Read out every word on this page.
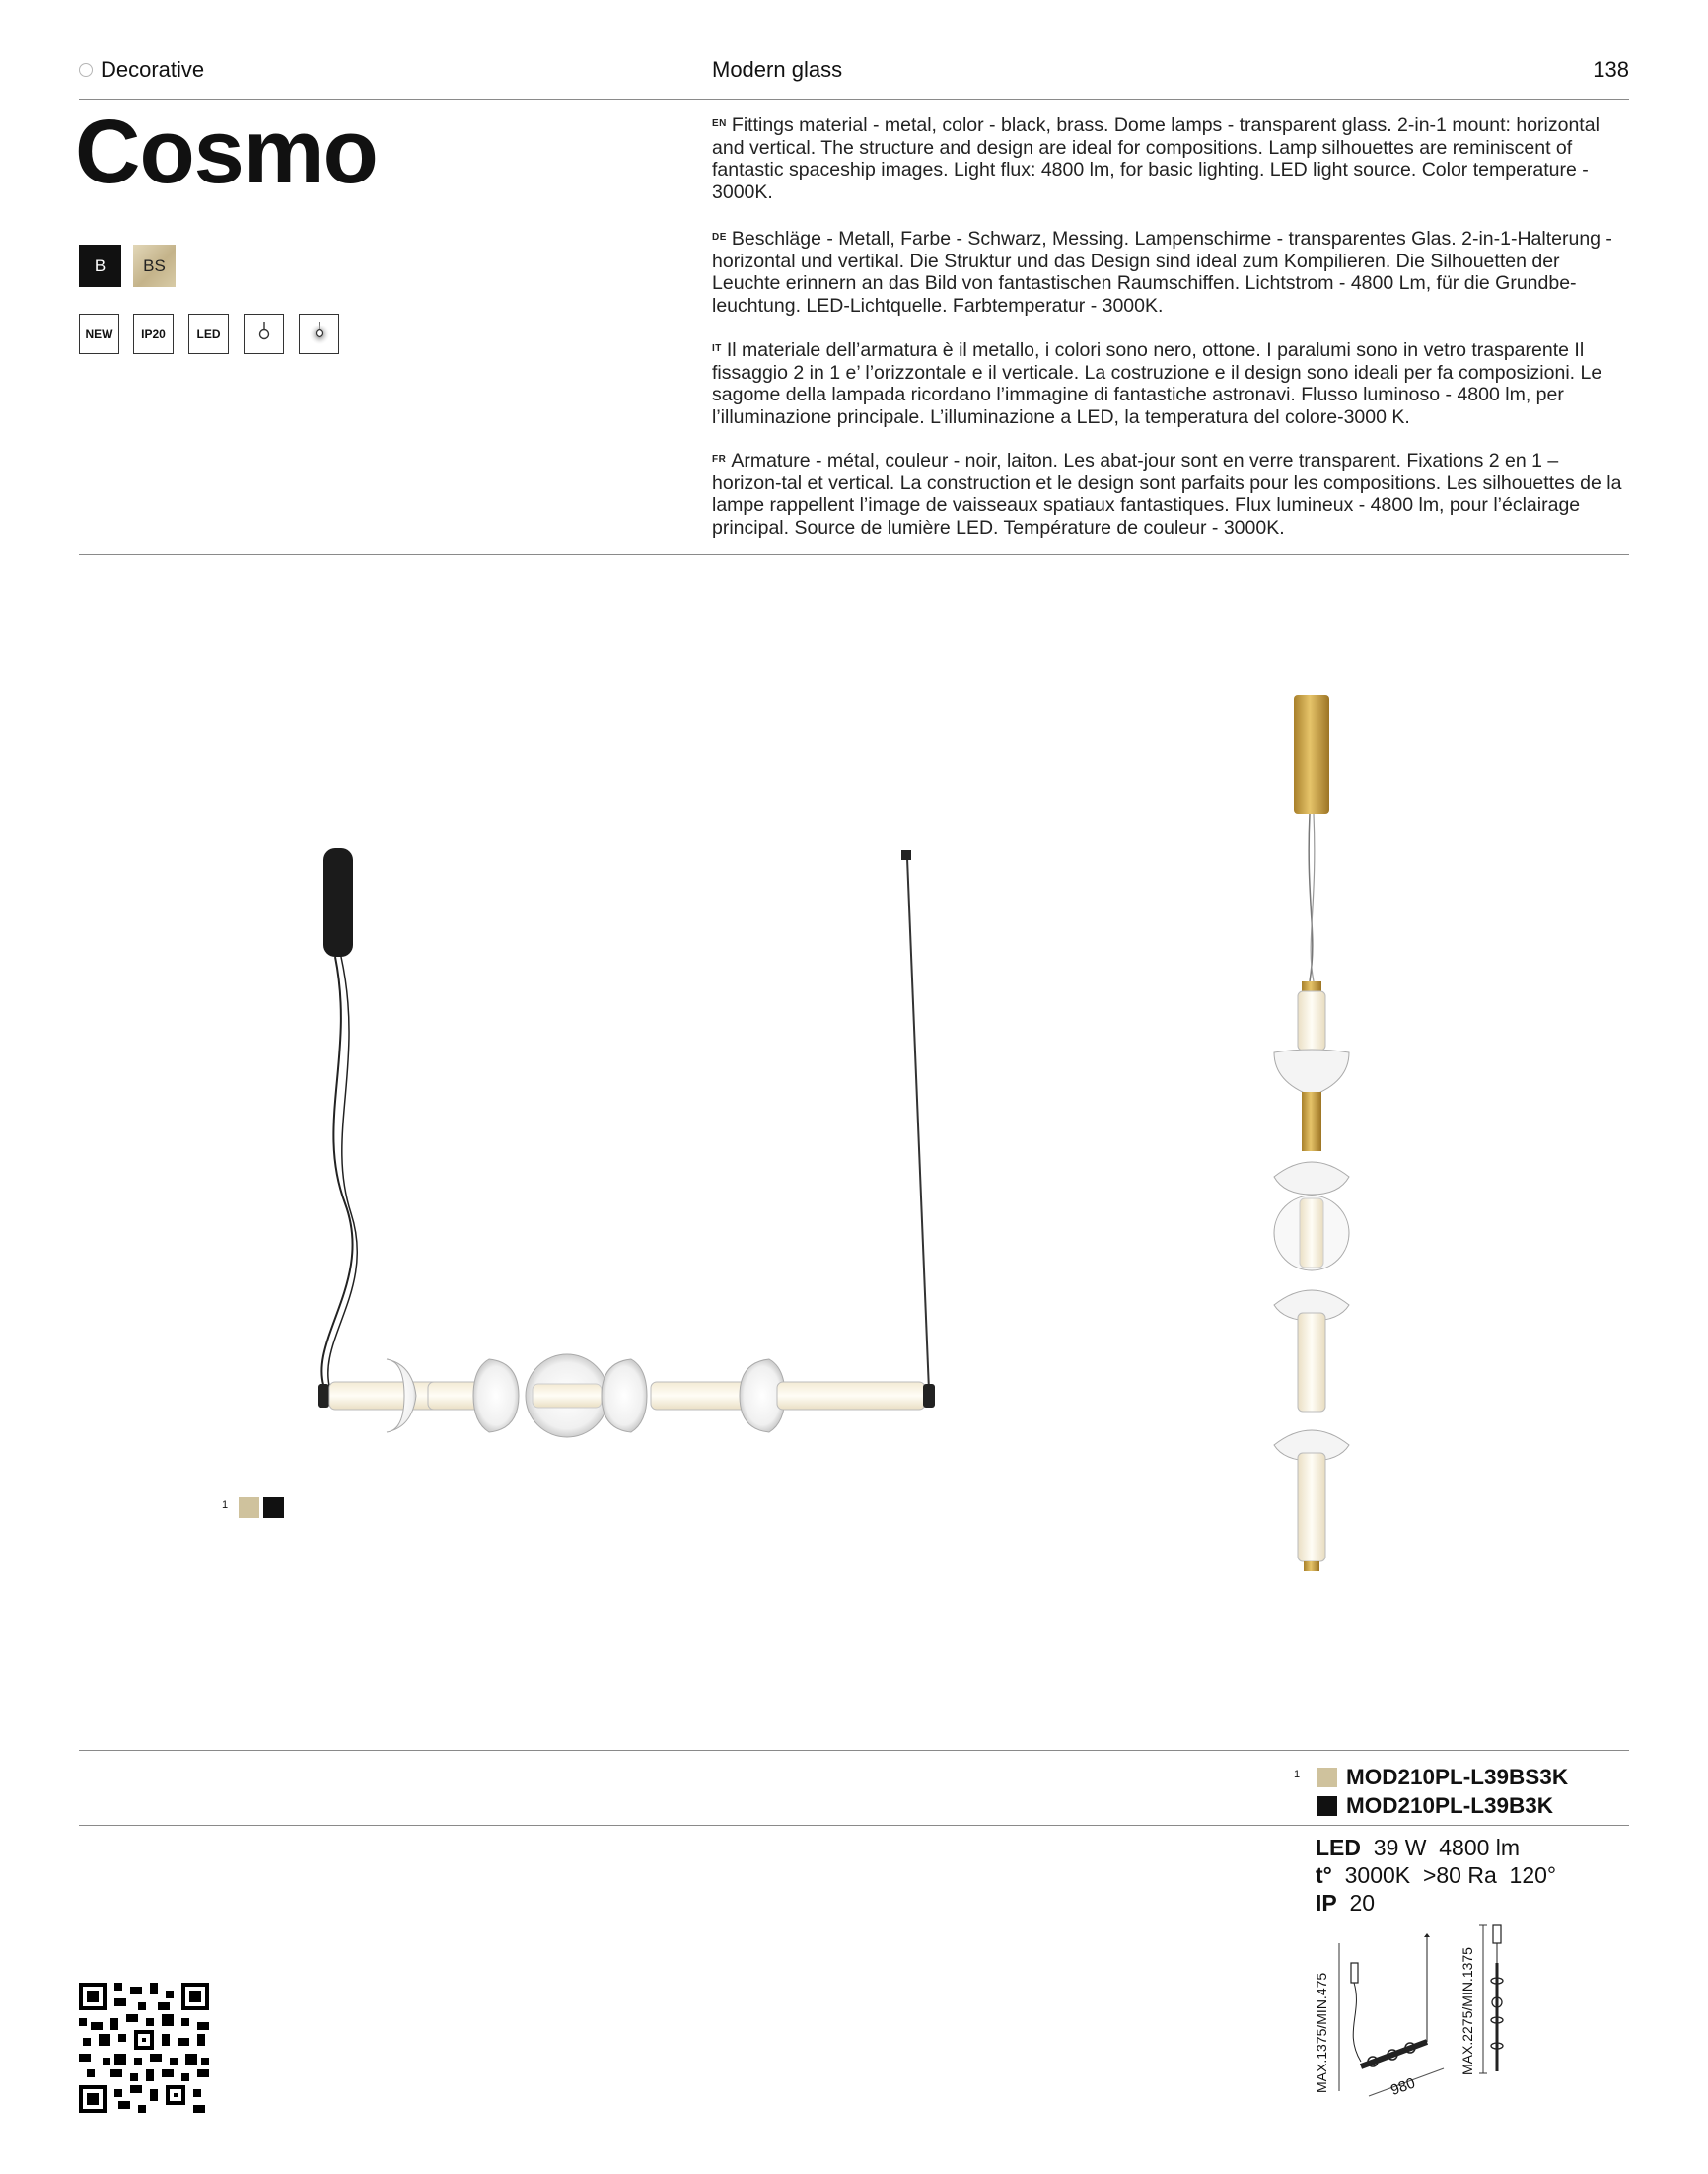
Decorative	Modern glass	138
Cosmo
B	BS
NEW	IP20	LED

$^{EN}$ Fittings material - metal, color - black, brass. Dome lamps - transparent glass. 2-in-1 mount: horizontal and vertical. The structure and design are ideal for compositions. Lamp silhouettes are reminiscent of fantastic spaceship images. Light flux: 4800 lm, for basic lighting. LED light source. Color temperature - 3000K.

$^{DE}$ Beschläge - Metall, Farbe - Schwarz, Messing. Lampenschirme - transparentes Glas. 2-in-1-Halterung - horizontal und vertikal. Die Struktur und das Design sind ideal zum Kompilieren. Die Silhouetten der Leuchte erinnern an das Bild von fantastischen Raumschiffen. Lichtstrom - 4800 Lm, für die Grundbe-leuchtung. LED-Lichtquelle. Farbtemperatur - 3000K.

$^{IT}$ Il materiale dell’armatura è il metallo, i colori sono nero, ottone. I paralumi sono in vetro trasparente Il fissaggio 2 in 1 e’ l’orizzontale e il verticale. La costruzione e il design sono ideali per fa composizioni. Le sagome della lampada ricordano l’immagine di fantastiche astronavi. Flusso luminoso - 4800 lm, per l’illuminazione principale. L’illuminazione a LED, la temperatura del colore-3000 K.

$^{FR}$ Armature - métal, couleur - noir, laiton. Les abat-jour sont en verre transparent. Fixations 2 en 1 – horizon-tal et vertical. La construction et le design sont parfaits pour les compositions. Les silhouettes de la lampe rappellent l’image de vaisseaux spatiaux fantastiques. Flux lumineux - 4800 lm, pour l’éclairage principal. Source de lumière LED. Température de couleur - 3000K.

1
1 MOD210PL-L39BS3K
MOD210PL-L39B3K
LED 39 W 4800 lm
t° 3000K >80 Ra 120°
IP 20
MAX.1375/MIN.475	980
MAX.2275/MIN.1375
